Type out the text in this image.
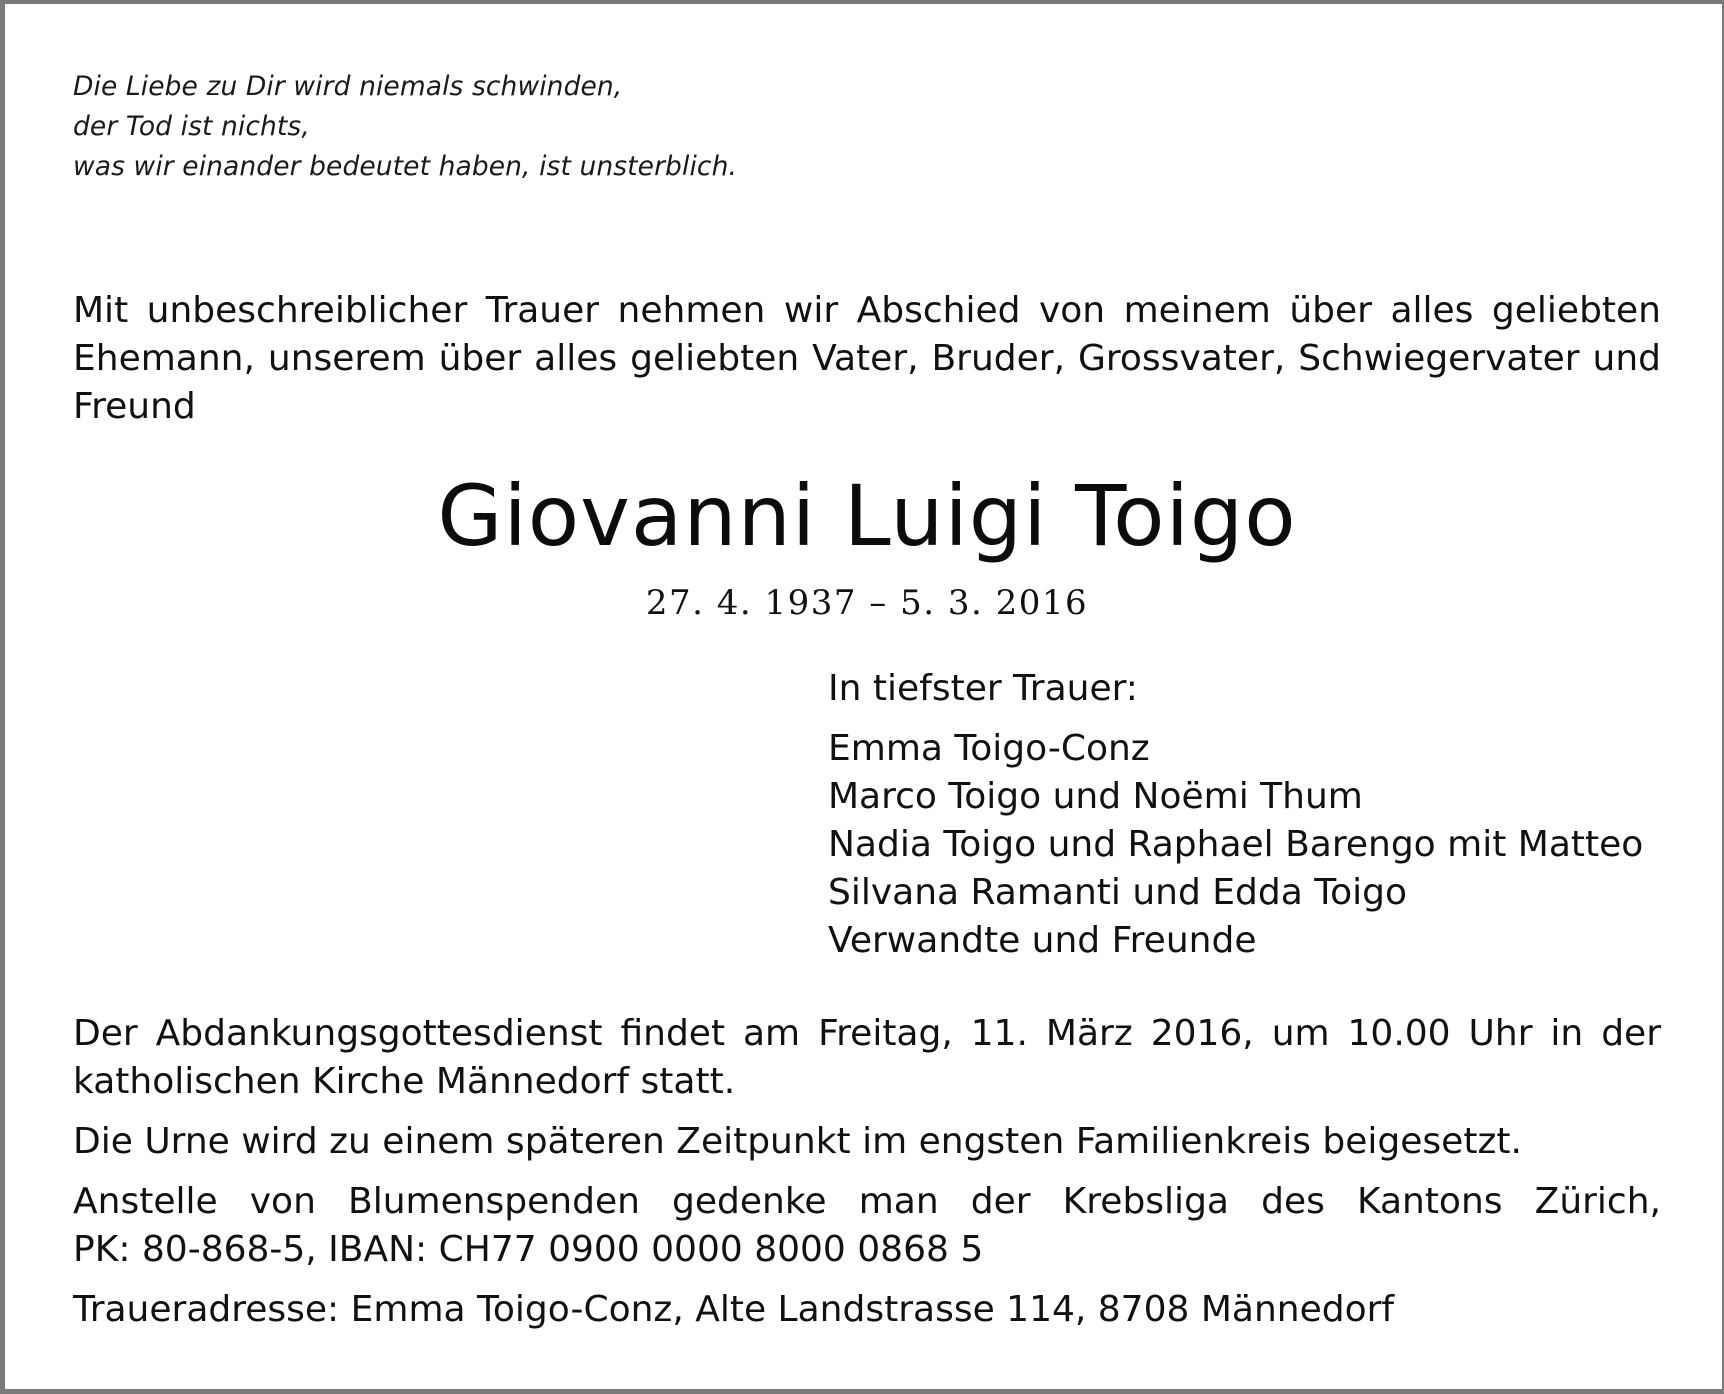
Die Liebe zu Dir wird niemals schwinden,
der Tod ist nichts,
was wir einander bedeutet haben, ist unsterblich.
Mit unbeschreiblicher Trauer nehmen wir Abschied von meinem über alles geliebten
Ehemann, unserem über alles geliebten Vater, Bruder, Grossvater, Schwiegervater und
Freund
Giovanni Luigi Toigo
27. 4. 1937 – 5. 3. 2016
In tiefster Trauer:
Emma Toigo-Conz
Marco Toigo und Noëmi Thum
Nadia Toigo und Raphael Barengo mit Matteo
Silvana Ramanti und Edda Toigo
Verwandte und Freunde
Der Abdankungsgottesdienst findet am Freitag, 11. März 2016, um 10.00 Uhr in der
katholischen Kirche Männedorf statt.
Die Urne wird zu einem späteren Zeitpunkt im engsten Familienkreis beigesetzt.
Anstelle von Blumenspenden gedenke man der Krebsliga des Kantons Zürich,
PK: 80-868-5, IBAN: CH77 0900 0000 8000 0868 5
Traueradresse: Emma Toigo-Conz, Alte Landstrasse 114, 8708 Männedorf
